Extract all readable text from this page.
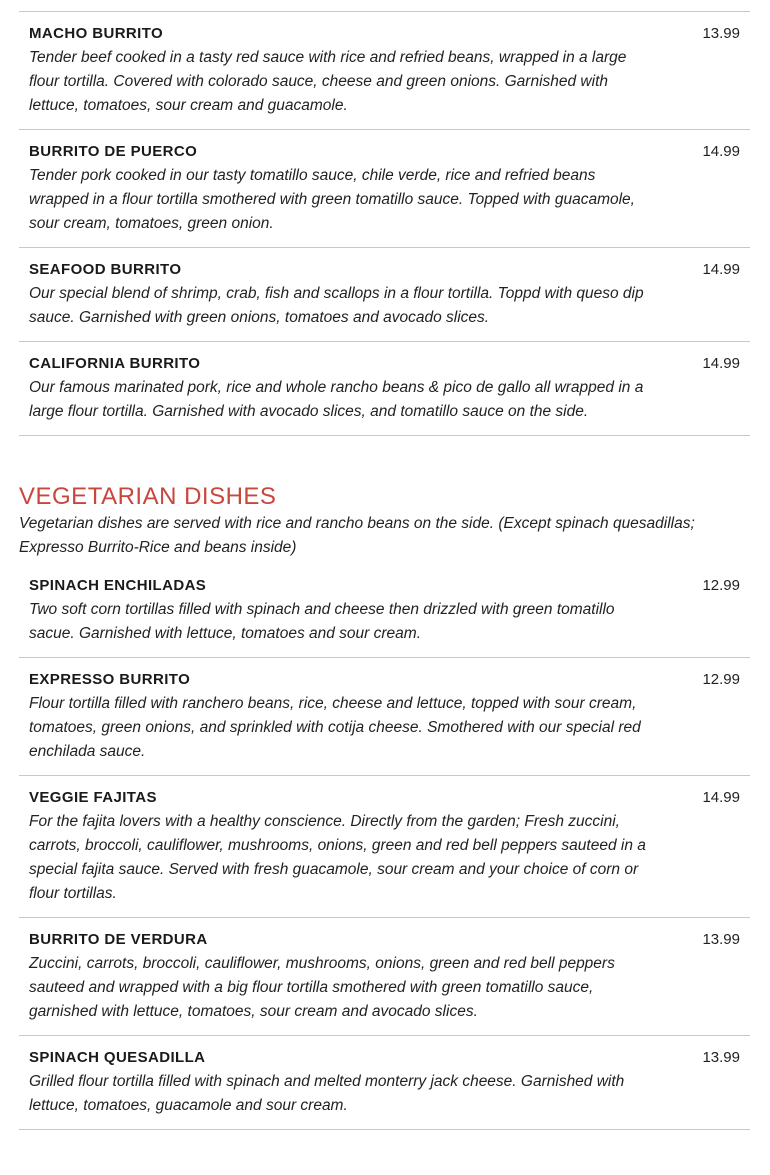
MACHO BURRITO	13.99
Tender beef cooked in a tasty red sauce with rice and refried beans, wrapped in a large flour tortilla. Covered with colorado sauce, cheese and green onions. Garnished with lettuce, tomatoes, sour cream and guacamole.
BURRITO DE PUERCO	14.99
Tender pork cooked in our tasty tomatillo sauce, chile verde, rice and refried beans wrapped in a flour tortilla smothered with green tomatillo sauce. Topped with guacamole, sour cream, tomatoes, green onion.
SEAFOOD BURRITO	14.99
Our special blend of shrimp, crab, fish and scallops in a flour tortilla. Toppd with queso dip sauce. Garnished with green onions, tomatoes and avocado slices.
CALIFORNIA BURRITO	14.99
Our famous marinated pork, rice and whole rancho beans & pico de gallo all wrapped in a large flour tortilla. Garnished with avocado slices, and tomatillo sauce on the side.
VEGETARIAN DISHES
Vegetarian dishes are served with rice and rancho beans on the side. (Except spinach quesadillas; Expresso Burrito-Rice and beans inside)
SPINACH ENCHILADAS	12.99
Two soft corn tortillas filled with spinach and cheese then drizzled with green tomatillo sacue. Garnished with lettuce, tomatoes and sour cream.
EXPRESSO BURRITO	12.99
Flour tortilla filled with ranchero beans, rice, cheese and lettuce, topped with sour cream, tomatoes, green onions, and sprinkled with cotija cheese. Smothered with our special red enchilada sauce.
VEGGIE FAJITAS	14.99
For the fajita lovers with a healthy conscience. Directly from the garden; Fresh zuccini, carrots, broccoli, cauliflower, mushrooms, onions, green and red bell peppers sauteed in a special fajita sauce. Served with fresh guacamole, sour cream and your choice of corn or flour tortillas.
BURRITO DE VERDURA	13.99
Zuccini, carrots, broccoli, cauliflower, mushrooms, onions, green and red bell peppers sauteed and wrapped with a big flour tortilla smothered with green tomatillo sauce, garnished with lettuce, tomatoes, sour cream and avocado slices.
SPINACH QUESADILLA	13.99
Grilled flour tortilla filled with spinach and melted monterry jack cheese. Garnished with lettuce, tomatoes, guacamole and sour cream.
